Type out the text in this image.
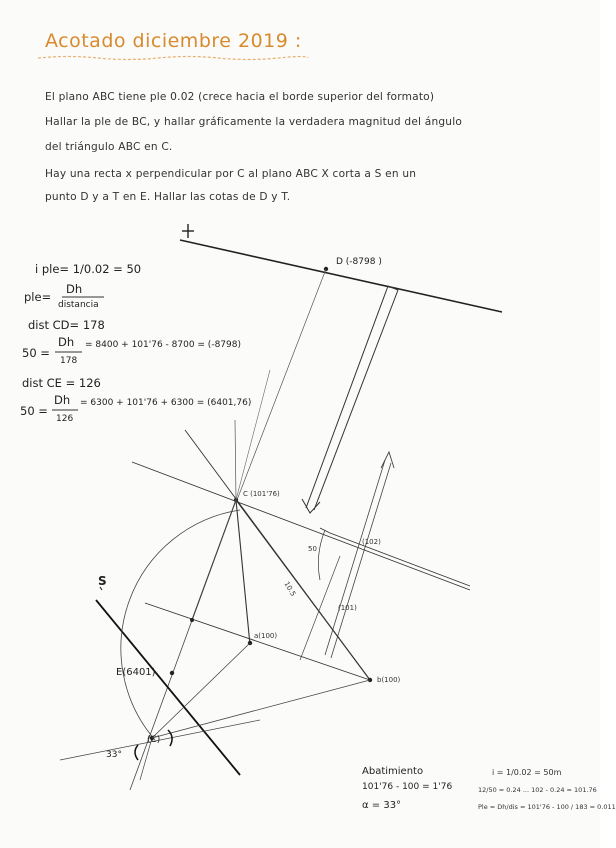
Acotado diciembre 2019 :
El plano ABC tiene ple 0.02 (crece hacia el borde superior del formato)
Hallar la ple de BC, y hallar gráficamente la verdadera magnitud del ángulo
del triángulo ABC en C.
Hay una recta x perpendicular por C al plano ABC X corta a S en un
punto D y a T en E. Hallar las cotas de D y T.
i ple= 1/0.02 = 50
ple=
Dh
distancia
dist CD= 178
50 =
Dh
178
= 8400 + 101'76 - 8700 = (-8798)
dist CE = 126
50 =
Dh
126
= 6300 + 101'76 + 6300 = (6401,76)
D (-8798 )
C (101'76)
a(100)
b(100)
S
E(6401)
(C)
33°
50
(102)
(101)
10.5
Abatimiento
101'76 - 100 = 1'76
α = 33°
i = 1/0.02 = 50m
12/50 = 0.24 ... 102 - 0.24 = 101.76
Ple = Dh/dis = 101'76 - 100 / 183 = 0.011
